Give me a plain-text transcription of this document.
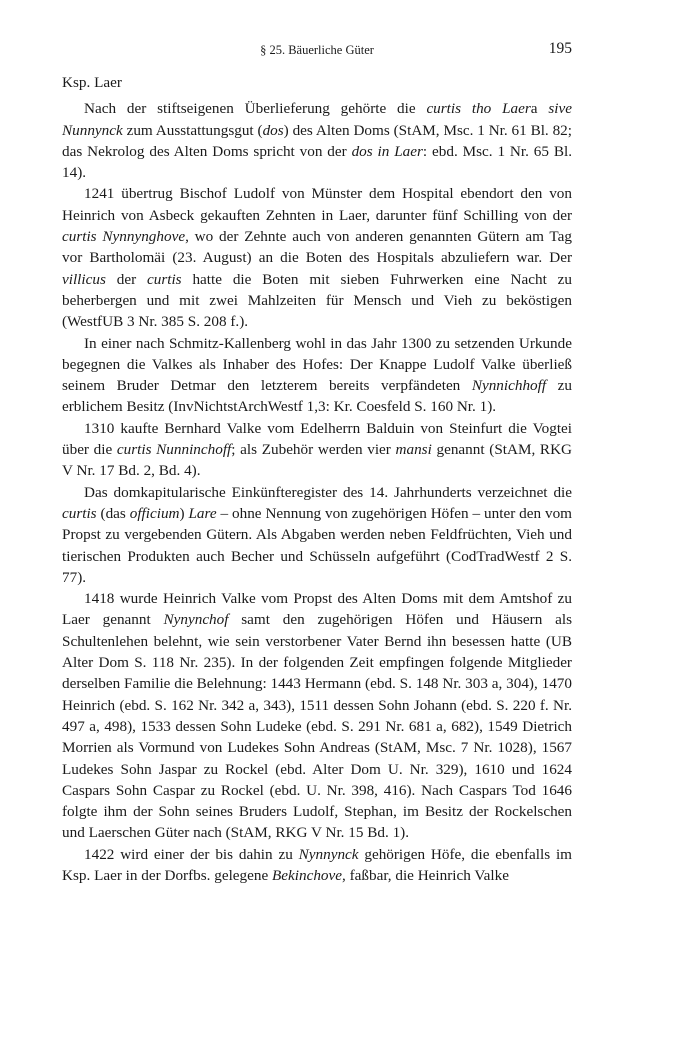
§ 25. Bäuerliche Güter	195

Ksp. Laer

Nach der stiftseigenen Überlieferung gehörte die curtis tho Laera sive Nunnynck zum Ausstattungsgut (dos) des Alten Doms (StAM, Msc. 1 Nr. 61 Bl. 82; das Nekrolog des Alten Doms spricht von der dos in Laer: ebd. Msc. 1 Nr. 65 Bl. 14).

1241 übertrug Bischof Ludolf von Münster dem Hospital ebendort den von Heinrich von Asbeck gekauften Zehnten in Laer, darunter fünf Schilling von der curtis Nynnynghove, wo der Zehnte auch von anderen genannten Gütern am Tag vor Bartholomäi (23. August) an die Boten des Hospitals abzuliefern war. Der villicus der curtis hatte die Boten mit sieben Fuhrwerken eine Nacht zu beherbergen und mit zwei Mahlzeiten für Mensch und Vieh zu beköstigen (WestfUB 3 Nr. 385 S. 208 f.).

In einer nach Schmitz-Kallenberg wohl in das Jahr 1300 zu setzenden Urkunde begegnen die Valkes als Inhaber des Hofes: Der Knappe Ludolf Valke überließ seinem Bruder Detmar den letzterem bereits verpfändeten Nynnichhoff zu erblichem Besitz (InvNichtstArchWestf 1,3: Kr. Coesfeld S. 160 Nr. 1).

1310 kaufte Bernhard Valke vom Edelherrn Balduin von Steinfurt die Vogtei über die curtis Nunninchoff; als Zubehör werden vier mansi genannt (StAM, RKG V Nr. 17 Bd. 2, Bd. 4).

Das domkapitularische Einkünfteregister des 14. Jahrhunderts verzeichnet die curtis (das officium) Lare – ohne Nennung von zugehörigen Höfen – unter den vom Propst zu vergebenden Gütern. Als Abgaben werden neben Feldfrüchten, Vieh und tierischen Produkten auch Becher und Schüsseln aufgeführt (CodTradWestf 2 S. 77).

1418 wurde Heinrich Valke vom Propst des Alten Doms mit dem Amtshof zu Laer genannt Nynynchof samt den zugehörigen Höfen und Häusern als Schultenlehen belehnt, wie sein verstorbener Vater Bernd ihn besessen hatte (UB Alter Dom S. 118 Nr. 235). In der folgenden Zeit empfingen folgende Mitglieder derselben Familie die Belehnung: 1443 Hermann (ebd. S. 148 Nr. 303 a, 304), 1470 Heinrich (ebd. S. 162 Nr. 342 a, 343), 1511 dessen Sohn Johann (ebd. S. 220 f. Nr. 497 a, 498), 1533 dessen Sohn Ludeke (ebd. S. 291 Nr. 681 a, 682), 1549 Dietrich Morrien als Vormund von Ludekes Sohn Andreas (StAM, Msc. 7 Nr. 1028), 1567 Ludekes Sohn Jaspar zu Rockel (ebd. Alter Dom U. Nr. 329), 1610 und 1624 Caspars Sohn Caspar zu Rockel (ebd. U. Nr. 398, 416). Nach Caspars Tod 1646 folgte ihm der Sohn seines Bruders Ludolf, Stephan, im Besitz der Rockelschen und Laerschen Güter nach (StAM, RKG V Nr. 15 Bd. 1).

1422 wird einer der bis dahin zu Nynnynck gehörigen Höfe, die ebenfalls im Ksp. Laer in der Dorfbs. gelegene Bekinchove, faßbar, die Heinrich Valke
